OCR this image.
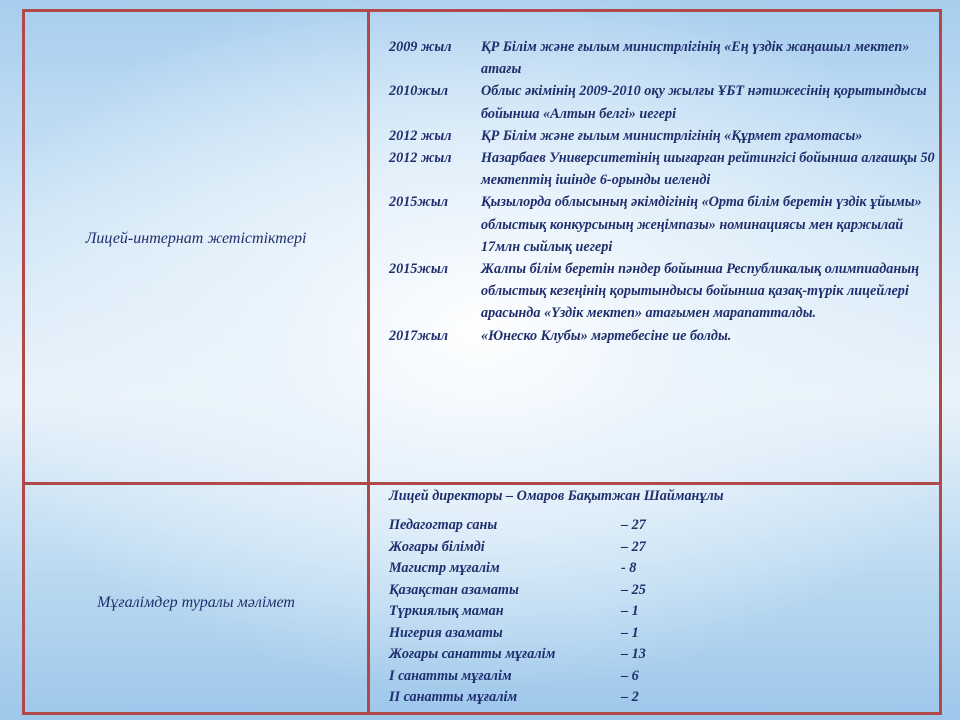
Лицей-интернат жетістіктері
Мұғалімдер туралы мәлімет
2009 жыл ҚР Білім және ғылым министрлігінің «Ең үздік жаңашыл мектеп» атағы
2010жыл Облыс әкімінің 2009-2010 оқу жылғы ҰБТ нәтижесінің қорытындысы бойынша «Алтын белгі» иегері
2012 жыл ҚР Білім және ғылым министрлігінің «Құрмет грамотасы»
2012 жыл Назарбаев Университетінің шығарған рейтингісі бойынша алғашқы 50 мектептің ішінде 6-орынды иеленді
2015жыл Қызылорда облысының әкімдігінің «Орта білім беретін үздік ұйымы» облыстық конкурсының жеңімпазы» номинациясы мен қаржылай 17млн сыйлық иегері
2015жыл Жалпы білім беретін пәндер бойынша Республикалық олимпиаданың облыстық кезеңінің қорытындысы бойынша қазақ-түрік лицейлері арасында «Үздік мектеп» атағымен марапатталды.
2017жыл «Юнеско Клубы» мәртебесіне ие болды.
Лицей директоры – Омаров Бақытжан Шайманұлы
Педагогтар саны	– 27
Жоғары білімді	– 27
Магистр мұғалім	- 8
Қазақстан азаматы	– 25
Түркиялық маман	– 1
Нигерия азаматы	– 1
Жоғары санатты мұғалім	– 13
I санатты мұғалім	– 6
II санатты мұғалім	– 2
